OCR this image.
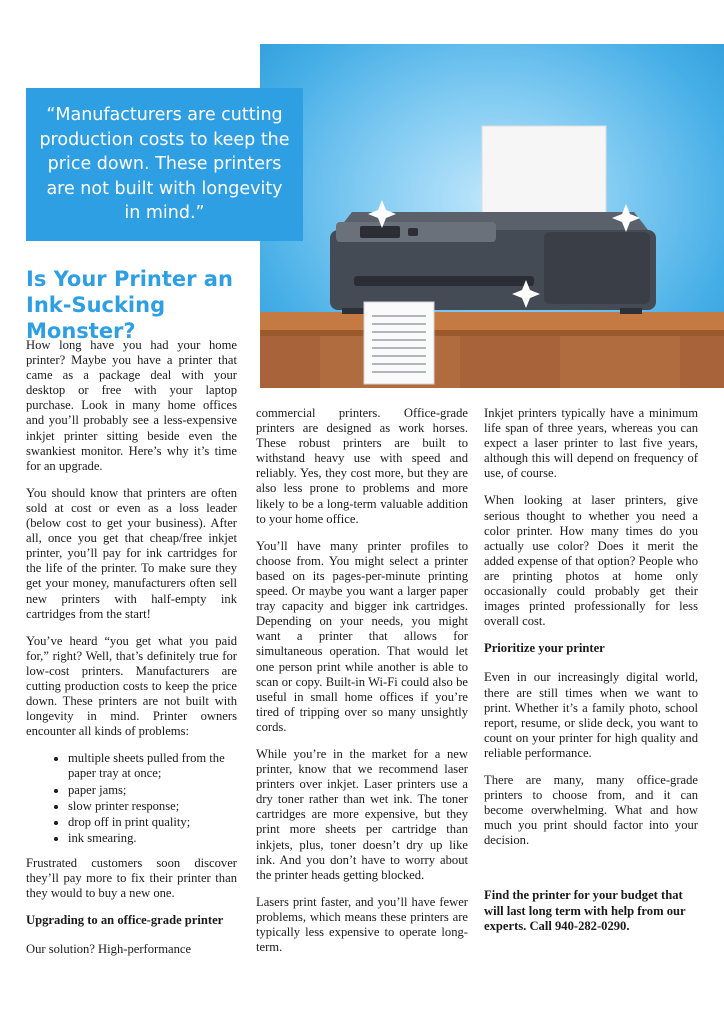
“Manufacturers are cutting production costs to keep the price down. These printers are not built with longevity in mind.”
Is Your Printer an Ink-Sucking Monster?

How long have you had your home printer? Maybe you have a printer that came as a package deal with your desktop or free with your laptop purchase. Look in many home offices and you’ll probably see a less-expensive inkjet printer sitting beside even the swankiest monitor. Here’s why it’s time for an upgrade.

You should know that printers are often sold at cost or even as a loss leader (below cost to get your business). After all, once you get that cheap/free inkjet printer, you’ll pay for ink cartridges for the life of the printer. To make sure they get your money, manufacturers often sell new printers with half-empty ink cartridges from the start!

You’ve heard “you get what you paid for,” right? Well, that’s definitely true for low-cost printers. Manufacturers are cutting production costs to keep the price down. These printers are not built with longevity in mind. Printer owners encounter all kinds of problems:

• multiple sheets pulled from the paper tray at once;
• paper jams;
• slow printer response;
• drop off in print quality;
• ink smearing.

Frustrated customers soon discover they’ll pay more to fix their printer than they would to buy a new one.

Upgrading to an office-grade printer

Our solution? High-performance

commercial printers. Office-grade printers are designed as work horses. These robust printers are built to withstand heavy use with speed and reliably. Yes, they cost more, but they are also less prone to problems and more likely to be a long-term valuable addition to your home office.

You’ll have many printer profiles to choose from. You might select a printer based on its pages-per-minute printing speed. Or maybe you want a larger paper tray capacity and bigger ink cartridges. Depending on your needs, you might want a printer that allows for simultaneous operation. That would let one person print while another is able to scan or copy. Built-in Wi-Fi could also be useful in small home offices if you’re tired of tripping over so many unsightly cords.

While you’re in the market for a new printer, know that we recommend laser printers over inkjet. Laser printers use a dry toner rather than wet ink. The toner cartridges are more expensive, but they print more sheets per cartridge than inkjets, plus, toner doesn’t dry up like ink. And you don’t have to worry about the printer heads getting blocked.

Lasers print faster, and you’ll have fewer problems, which means these printers are typically less expensive to operate long-term.

Inkjet printers typically have a minimum life span of three years, whereas you can expect a laser printer to last five years, although this will depend on frequency of use, of course.

When looking at laser printers, give serious thought to whether you need a color printer. How many times do you actually use color? Does it merit the added expense of that option? People who are printing photos at home only occasionally could probably get their images printed professionally for less overall cost.

Prioritize your printer

Even in our increasingly digital world, there are still times when we want to print. Whether it’s a family photo, school report, resume, or slide deck, you want to count on your printer for high quality and reliable performance.

There are many, many office-grade printers to choose from, and it can become overwhelming. What and how much you print should factor into your decision.

Find the printer for your budget that will last long term with help from our experts. Call 940-282-0290.
